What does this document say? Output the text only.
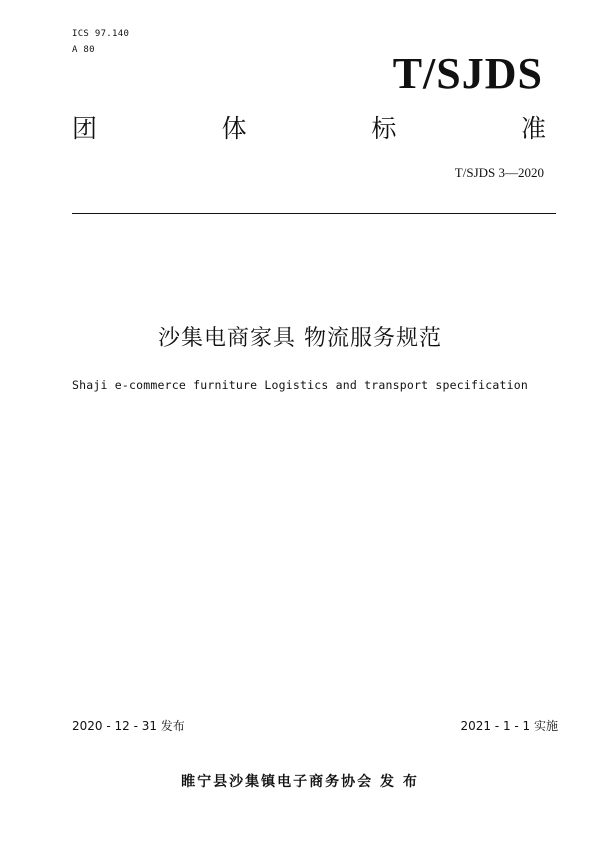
ICS 97.140
A 80	T/SJDS
团	体	标	准
T/SJDS 3—2020
沙集电商家具 物流服务规范
Shaji e-commerce furniture Logistics and transport specification
2020 - 12 - 31 发布	2021 - 1 - 1 实施
睢宁县沙集镇电子商务协会 发 布
